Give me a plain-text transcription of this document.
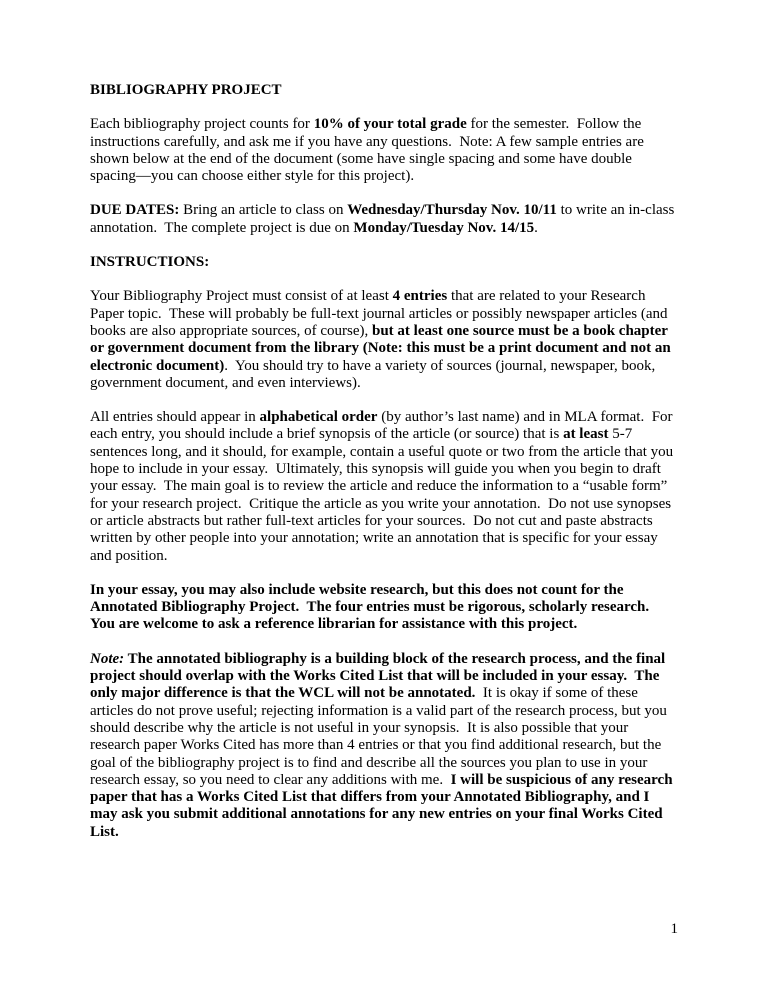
BIBLIOGRAPHY PROJECT

Each bibliography project counts for 10% of your total grade for the semester.  Follow the instructions carefully, and ask me if you have any questions.  Note: A few sample entries are shown below at the end of the document (some have single spacing and some have double spacing—you can choose either style for this project).

DUE DATES: Bring an article to class on Wednesday/Thursday Nov. 10/11 to write an in-class annotation.  The complete project is due on Monday/Tuesday Nov. 14/15.

INSTRUCTIONS:

Your Bibliography Project must consist of at least 4 entries that are related to your Research Paper topic.  These will probably be full-text journal articles or possibly newspaper articles (and books are also appropriate sources, of course), but at least one source must be a book chapter or government document from the library (Note: this must be a print document and not an electronic document).  You should try to have a variety of sources (journal, newspaper, book, government document, and even interviews).

All entries should appear in alphabetical order (by author’s last name) and in MLA format.  For each entry, you should include a brief synopsis of the article (or source) that is at least 5-7 sentences long, and it should, for example, contain a useful quote or two from the article that you hope to include in your essay.  Ultimately, this synopsis will guide you when you begin to draft your essay.  The main goal is to review the article and reduce the information to a “usable form” for your research project.  Critique the article as you write your annotation.  Do not use synopses or article abstracts but rather full-text articles for your sources.  Do not cut and paste abstracts written by other people into your annotation; write an annotation that is specific for your essay and position.

In your essay, you may also include website research, but this does not count for the Annotated Bibliography Project.  The four entries must be rigorous, scholarly research.  You are welcome to ask a reference librarian for assistance with this project.

Note: The annotated bibliography is a building block of the research process, and the final project should overlap with the Works Cited List that will be included in your essay.  The only major difference is that the WCL will not be annotated.  It is okay if some of these articles do not prove useful; rejecting information is a valid part of the research process, but you should describe why the article is not useful in your synopsis.  It is also possible that your research paper Works Cited has more than 4 entries or that you find additional research, but the goal of the bibliography project is to find and describe all the sources you plan to use in your research essay, so you need to clear any additions with me.  I will be suspicious of any research paper that has a Works Cited List that differs from your Annotated Bibliography, and I may ask you submit additional annotations for any new entries on your final Works Cited List.

1
